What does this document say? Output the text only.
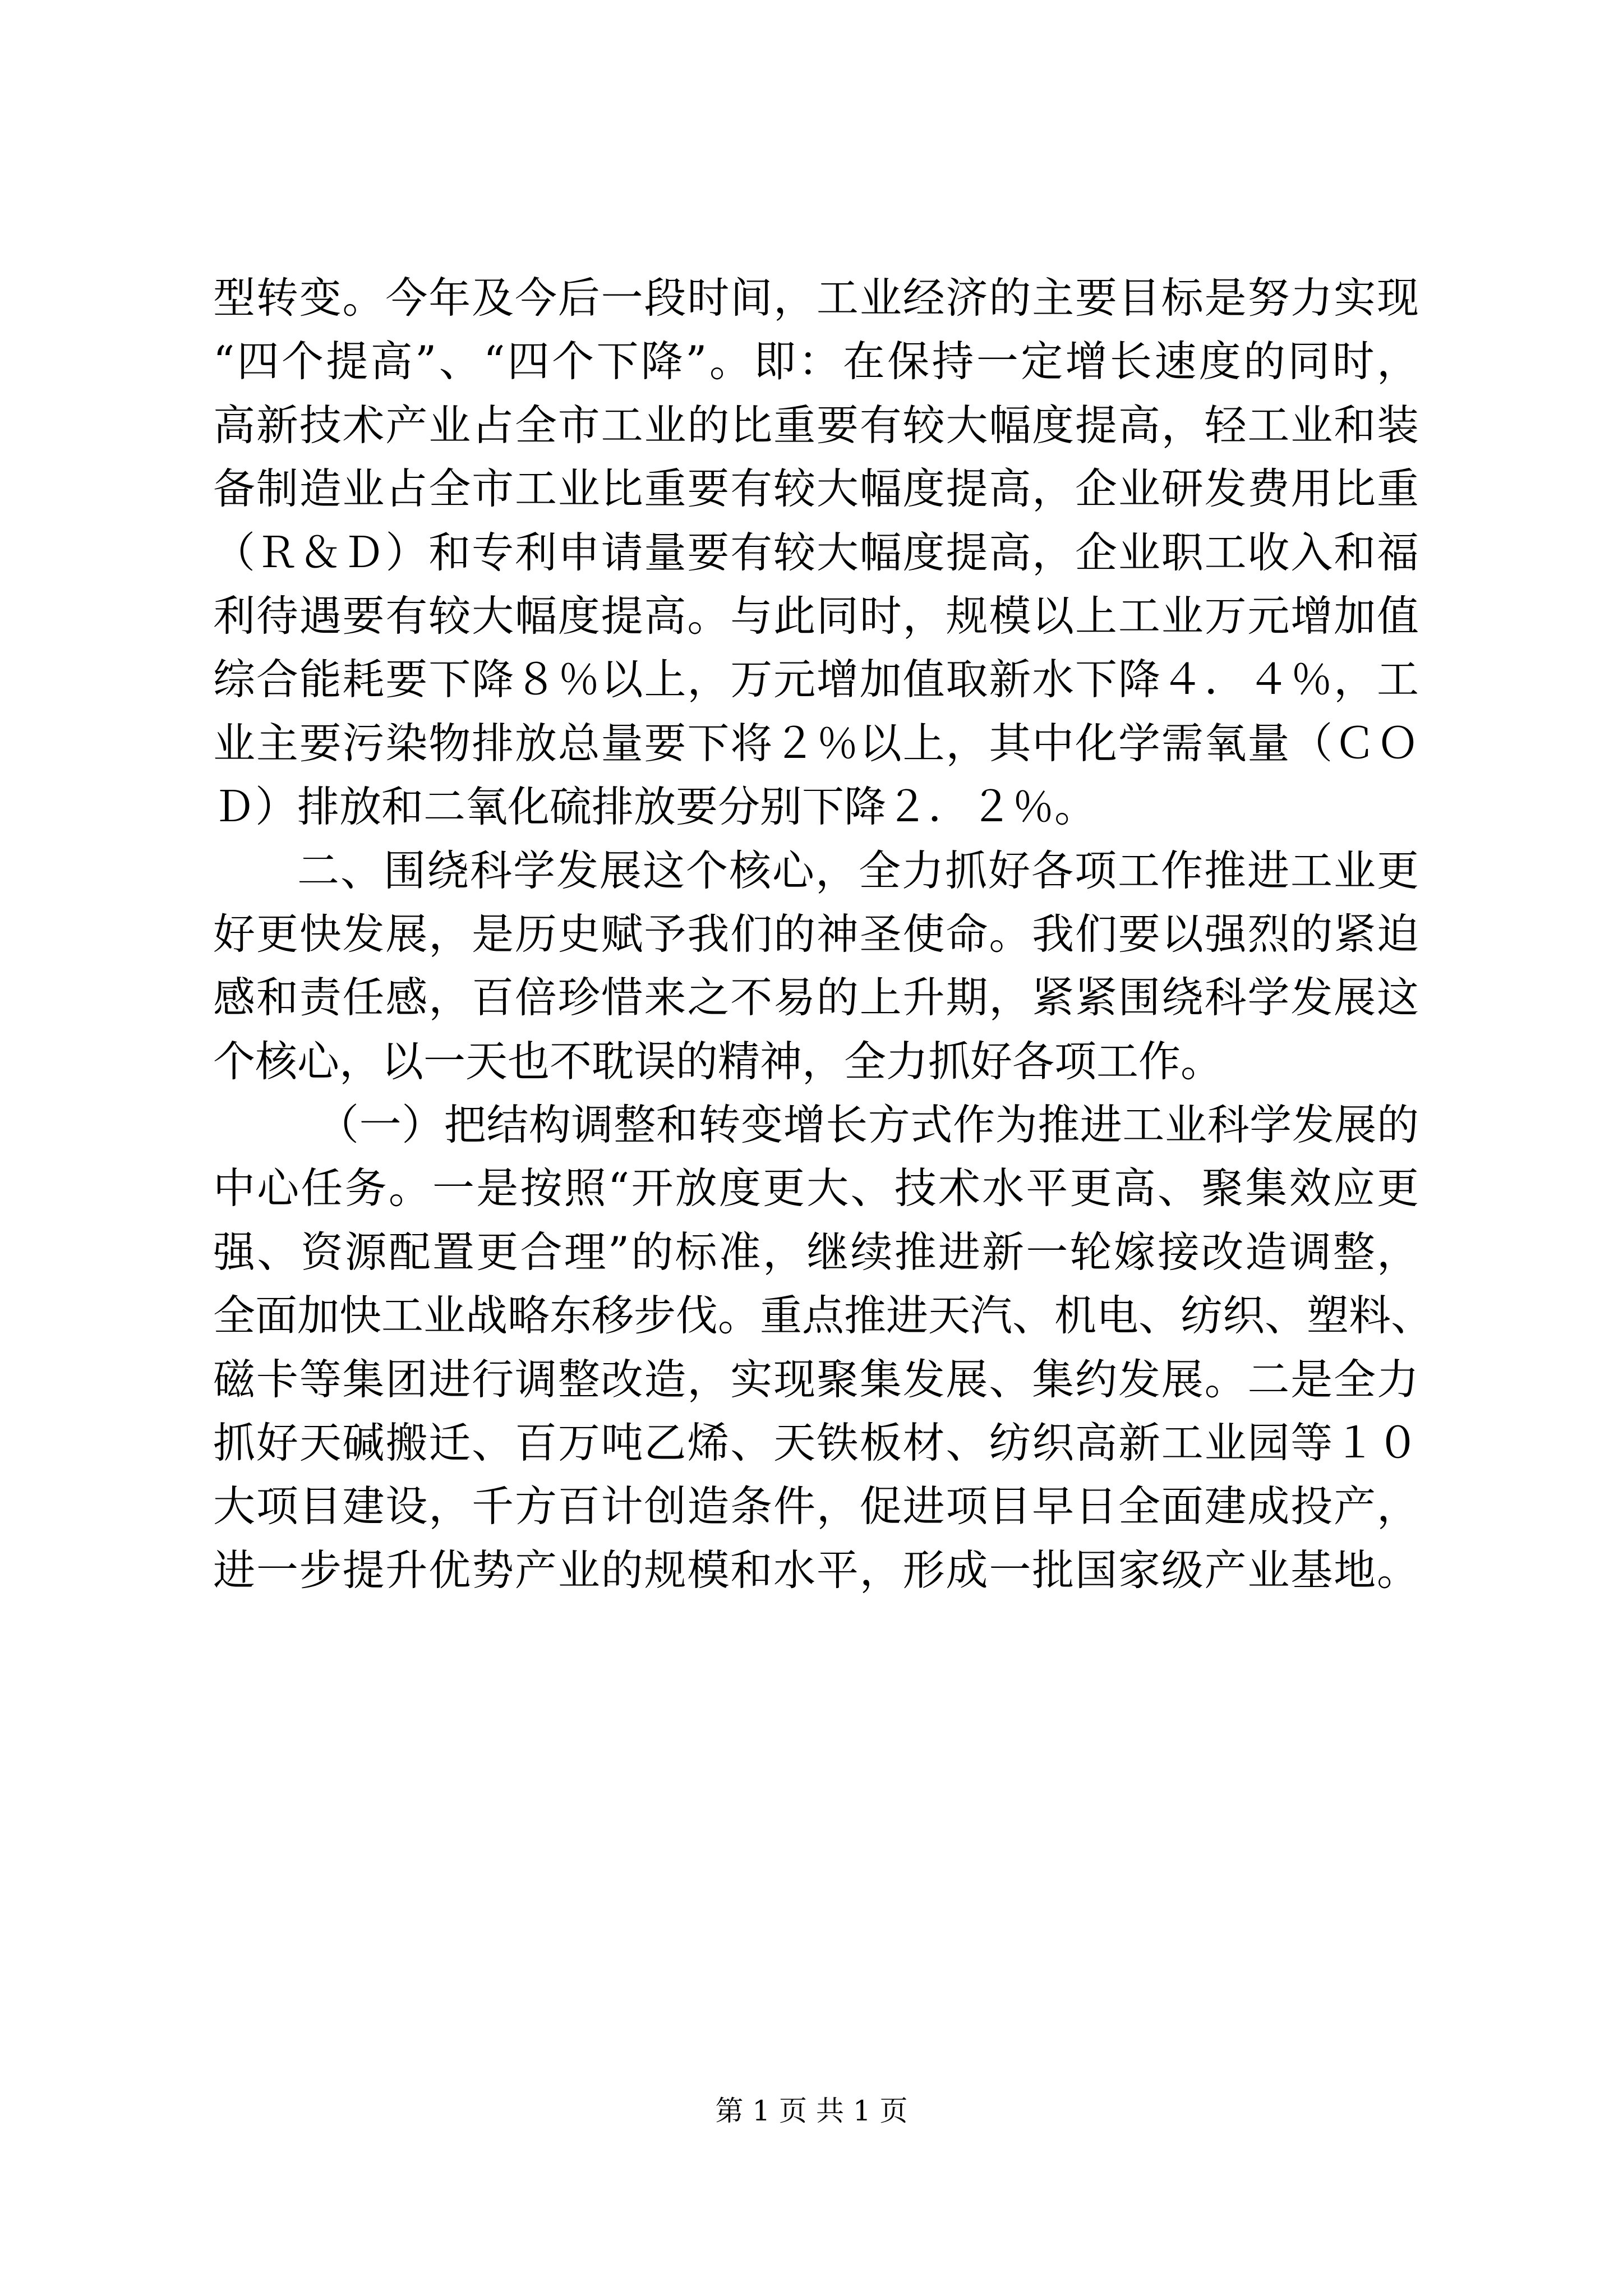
型转变。今年及今后一段时间，工业经济的主要目标是努力实现
“四个提高”、“四个下降”。即：在保持一定增长速度的同时，
高新技术产业占全市工业的比重要有较大幅度提高，轻工业和装
备制造业占全市工业比重要有较大幅度提高，企业研发费用比重
（Ｒ＆Ｄ）和专利申请量要有较大幅度提高，企业职工收入和福
利待遇要有较大幅度提高。与此同时，规模以上工业万元增加值
综合能耗要下降８％以上，万元增加值取新水下降４．４％，工
业主要污染物排放总量要下将２％以上，其中化学需氧量（ＣＯ
Ｄ）排放和二氧化硫排放要分别下降２．２％。
二、围绕科学发展这个核心，全力抓好各项工作推进工业更
好更快发展，是历史赋予我们的神圣使命。我们要以强烈的紧迫
感和责任感，百倍珍惜来之不易的上升期，紧紧围绕科学发展这
个核心，以一天也不耽误的精神，全力抓好各项工作。
（一）把结构调整和转变增长方式作为推进工业科学发展的
中心任务。一是按照“开放度更大、技术水平更高、聚集效应更
强、资源配置更合理”的标准，继续推进新一轮嫁接改造调整，
全面加快工业战略东移步伐。重点推进天汽、机电、纺织、塑料、
磁卡等集团进行调整改造，实现聚集发展、集约发展。二是全力
抓好天碱搬迁、百万吨乙烯、天铁板材、纺织高新工业园等１０
大项目建设，千方百计创造条件，促进项目早日全面建成投产，
进一步提升优势产业的规模和水平，形成一批国家级产业基地。
第 1 页 共 1 页
